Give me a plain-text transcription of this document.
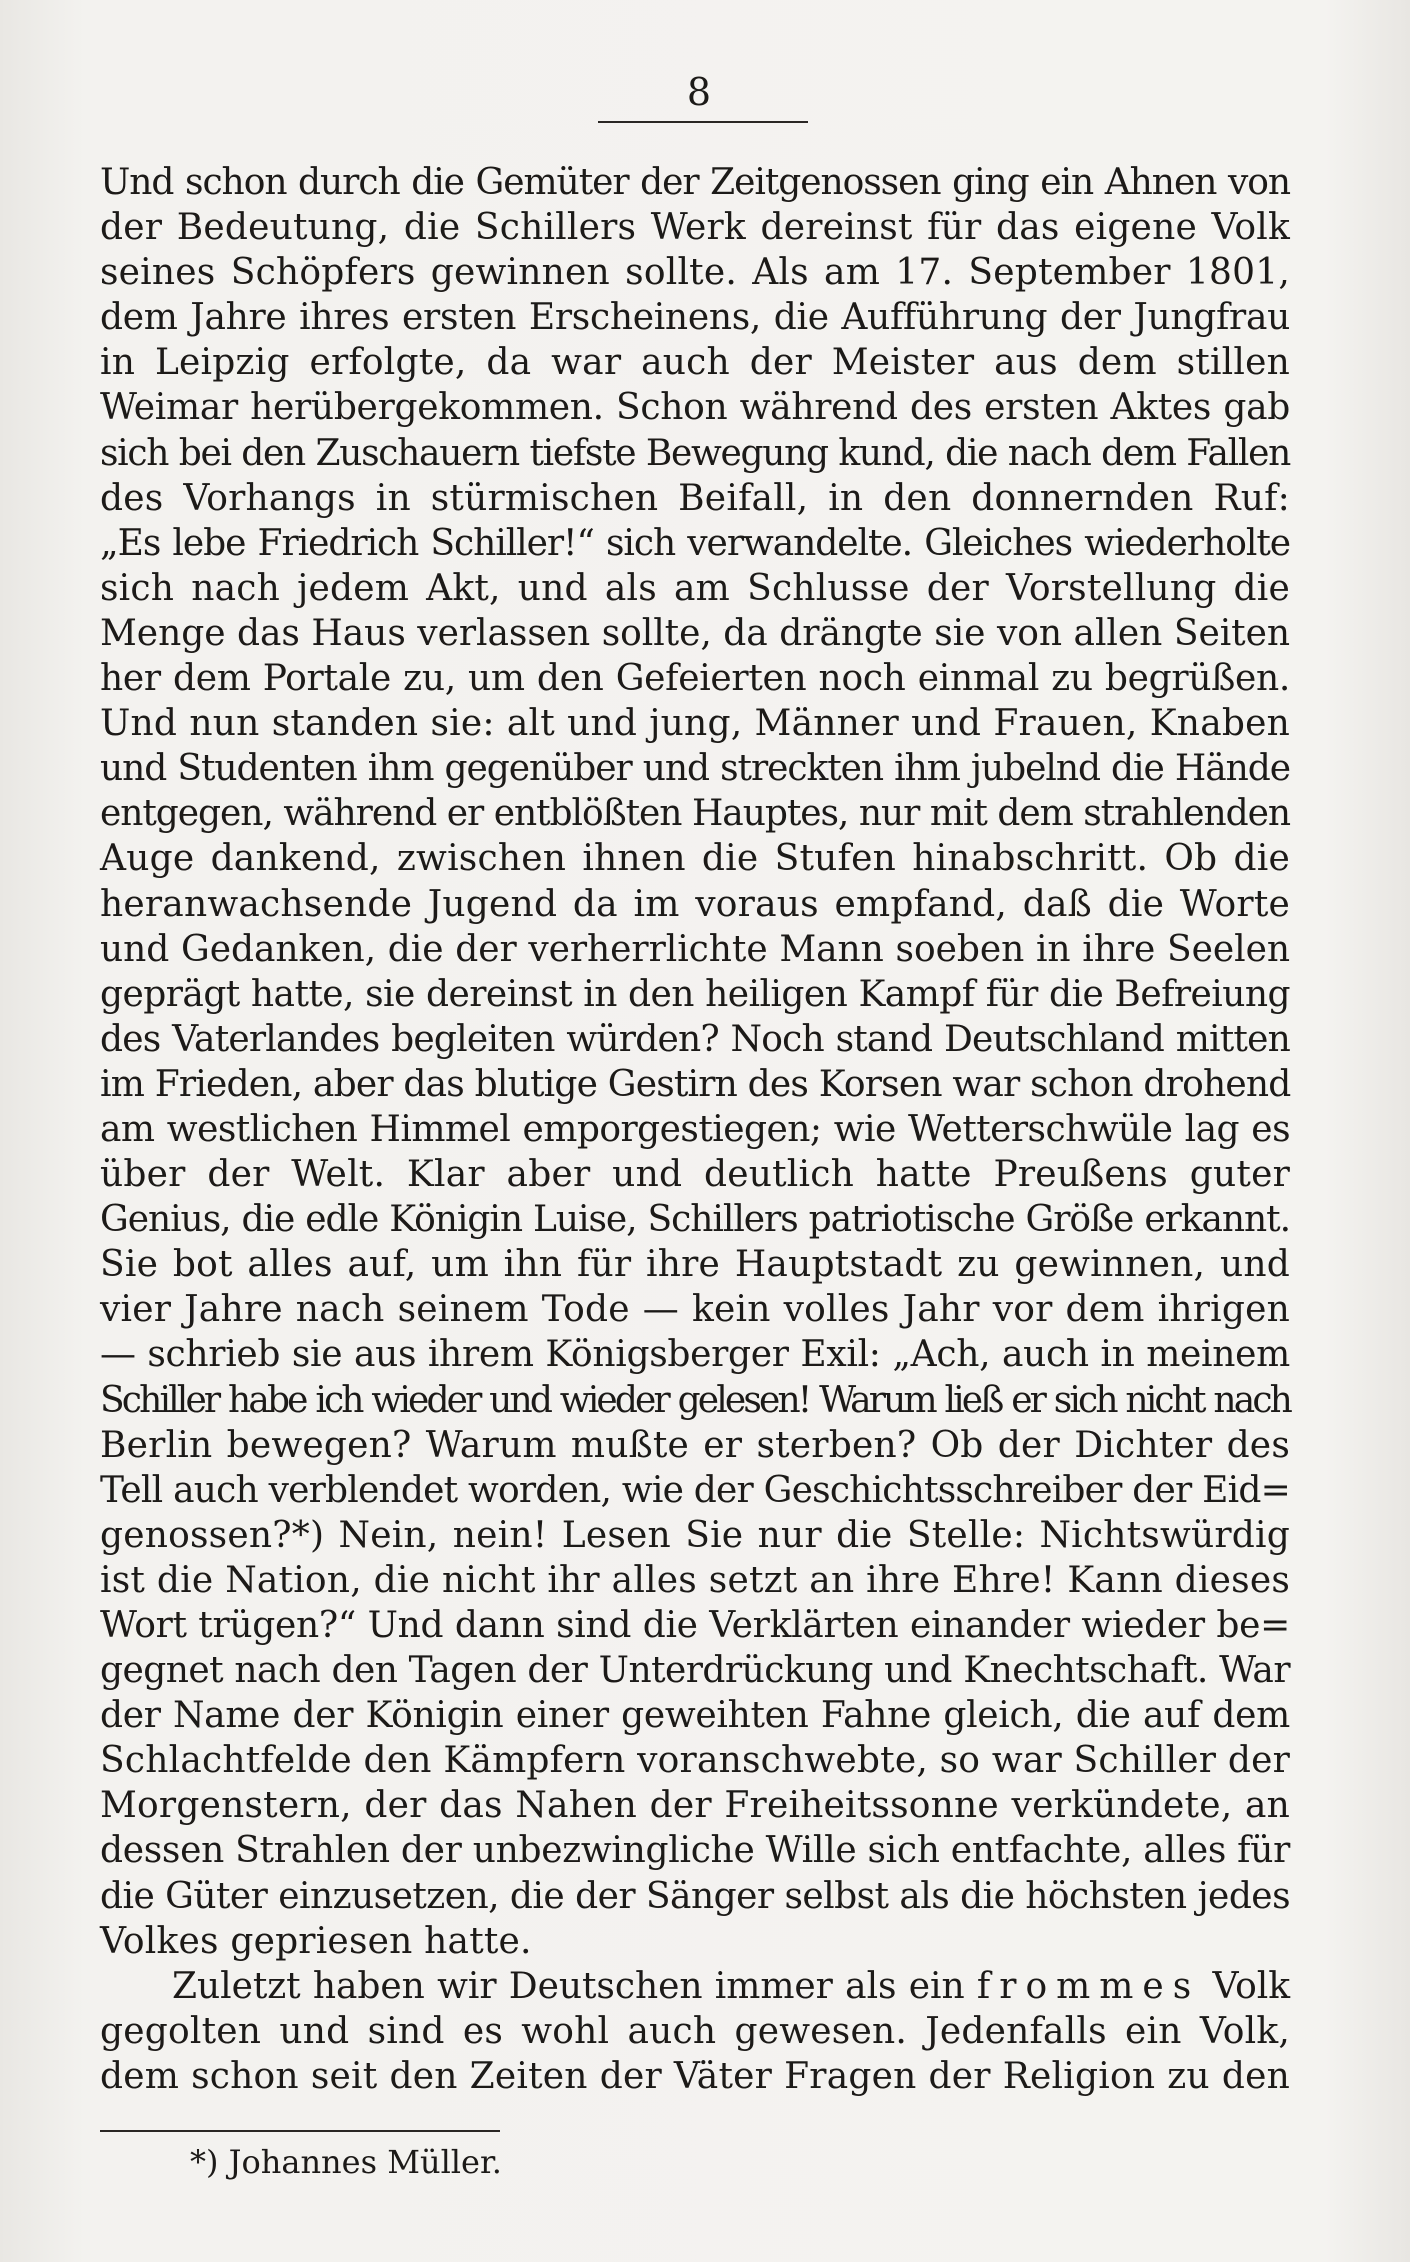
8
Und schon durch die Gemüter der Zeitgenossen ging ein Ahnen von
der Bedeutung, die Schillers Werk dereinst für das eigene Volk
seines Schöpfers gewinnen sollte. Als am 17. September 1801,
dem Jahre ihres ersten Erscheinens, die Aufführung der Jungfrau
in Leipzig erfolgte, da war auch der Meister aus dem stillen
Weimar herübergekommen. Schon während des ersten Aktes gab
sich bei den Zuschauern tiefste Bewegung kund, die nach dem Fallen
des Vorhangs in stürmischen Beifall, in den donnernden Ruf:
„Es lebe Friedrich Schiller!“ sich verwandelte. Gleiches wiederholte
sich nach jedem Akt, und als am Schlusse der Vorstellung die
Menge das Haus verlassen sollte, da drängte sie von allen Seiten
her dem Portale zu, um den Gefeierten noch einmal zu begrüßen.
Und nun standen sie: alt und jung, Männer und Frauen, Knaben
und Studenten ihm gegenüber und streckten ihm jubelnd die Hände
entgegen, während er entblößten Hauptes, nur mit dem strahlenden
Auge dankend, zwischen ihnen die Stufen hinabschritt. Ob die
heranwachsende Jugend da im voraus empfand, daß die Worte
und Gedanken, die der verherrlichte Mann soeben in ihre Seelen
geprägt hatte, sie dereinst in den heiligen Kampf für die Befreiung
des Vaterlandes begleiten würden? Noch stand Deutschland mitten
im Frieden, aber das blutige Gestirn des Korsen war schon drohend
am westlichen Himmel emporgestiegen; wie Wetterschwüle lag es
über der Welt. Klar aber und deutlich hatte Preußens guter
Genius, die edle Königin Luise, Schillers patriotische Größe erkannt.
Sie bot alles auf, um ihn für ihre Hauptstadt zu gewinnen, und
vier Jahre nach seinem Tode — kein volles Jahr vor dem ihrigen
— schrieb sie aus ihrem Königsberger Exil: „Ach, auch in meinem
Schiller habe ich wieder und wieder gelesen! Warum ließ er sich nicht nach
Berlin bewegen? Warum mußte er sterben? Ob der Dichter des
Tell auch verblendet worden, wie der Geschichtsschreiber der Eid=
genossen?*) Nein, nein! Lesen Sie nur die Stelle: Nichtswürdig
ist die Nation, die nicht ihr alles setzt an ihre Ehre! Kann dieses
Wort trügen?“ Und dann sind die Verklärten einander wieder be=
gegnet nach den Tagen der Unterdrückung und Knechtschaft. War
der Name der Königin einer geweihten Fahne gleich, die auf dem
Schlachtfelde den Kämpfern voranschwebte, so war Schiller der
Morgenstern, der das Nahen der Freiheitssonne verkündete, an
dessen Strahlen der unbezwingliche Wille sich entfachte, alles für
die Güter einzusetzen, die der Sänger selbst als die höchsten jedes
Volkes gepriesen hatte.
Zuletzt haben wir Deutschen immer als ein frommes Volk
gegolten und sind es wohl auch gewesen. Jedenfalls ein Volk,
dem schon seit den Zeiten der Väter Fragen der Religion zu den
*) Johannes Müller.
